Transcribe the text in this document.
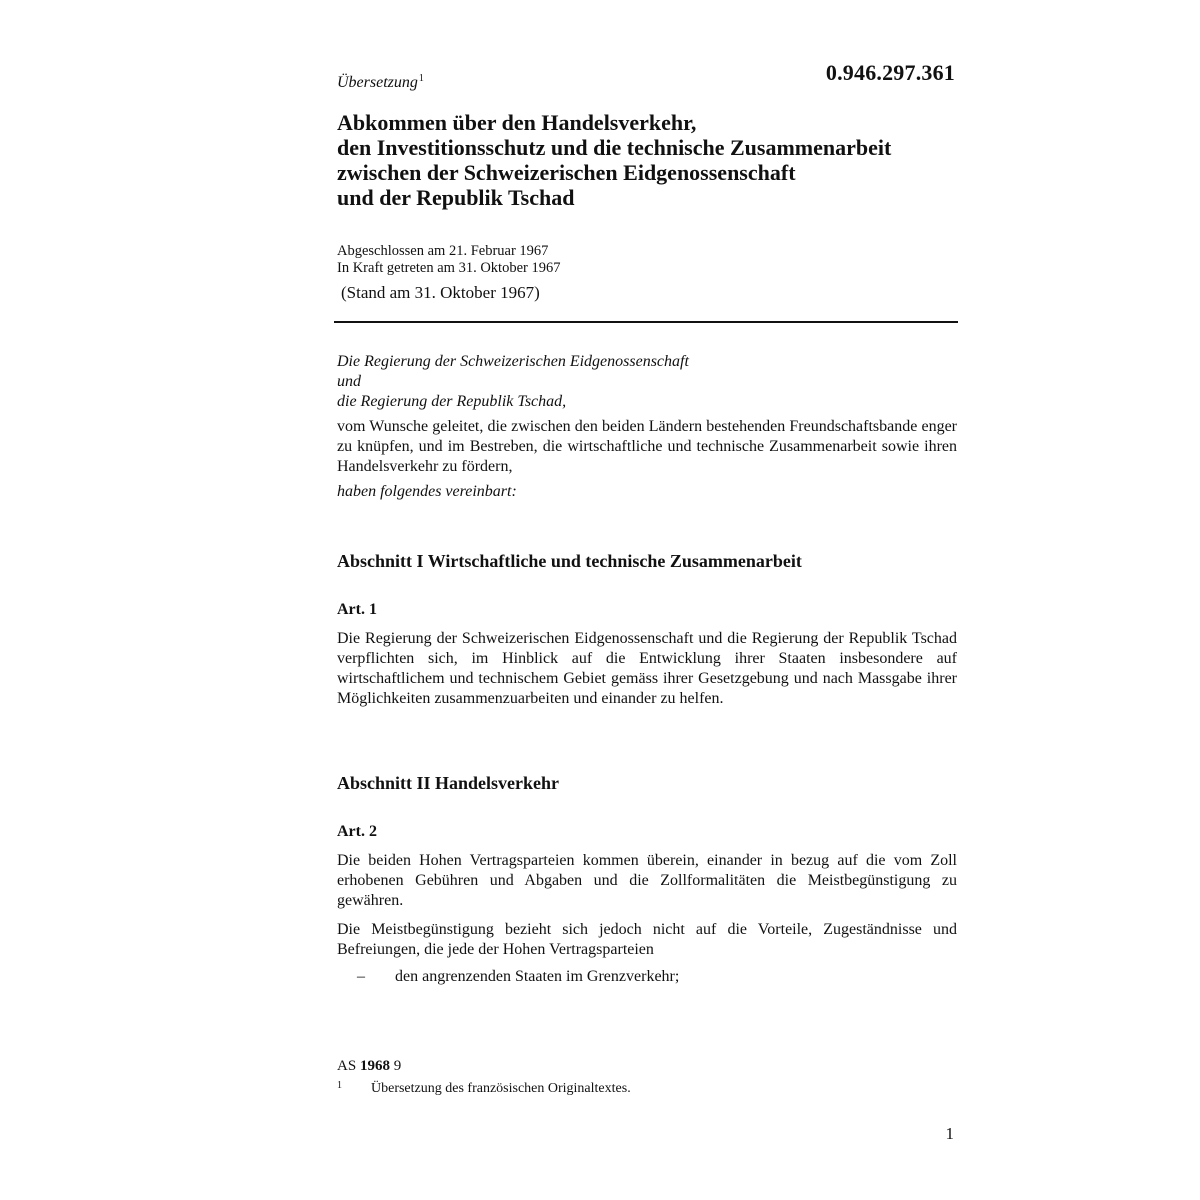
Übersetzung$^1$	0.946.297.361
Abkommen über den Handelsverkehr,
den Investitionsschutz und die technische Zusammenarbeit
zwischen der Schweizerischen Eidgenossenschaft
und der Republik Tschad
Abgeschlossen am 21. Februar 1967
In Kraft getreten am 31. Oktober 1967
(Stand am 31. Oktober 1967)
Die Regierung der Schweizerischen Eidgenossenschaft
und
die Regierung der Republik Tschad,
vom Wunsche geleitet, die zwischen den beiden Ländern bestehenden Freundschaftsbande enger zu knüpfen, und im Bestreben, die wirtschaftliche und technische Zusammenarbeit sowie ihren Handelsverkehr zu fördern,
haben folgendes vereinbart:
Abschnitt I Wirtschaftliche und technische Zusammenarbeit
Art. 1
Die Regierung der Schweizerischen Eidgenossenschaft und die Regierung der Republik Tschad verpflichten sich, im Hinblick auf die Entwicklung ihrer Staaten insbesondere auf wirtschaftlichem und technischem Gebiet gemäss ihrer Gesetzgebung und nach Massgabe ihrer Möglichkeiten zusammenzuarbeiten und einander zu helfen.
Abschnitt II Handelsverkehr
Art. 2
Die beiden Hohen Vertragsparteien kommen überein, einander in bezug auf die vom Zoll erhobenen Gebühren und Abgaben und die Zollformalitäten die Meistbegünstigung zu gewähren.
Die Meistbegünstigung bezieht sich jedoch nicht auf die Vorteile, Zugeständnisse und Befreiungen, die jede der Hohen Vertragsparteien
– den angrenzenden Staaten im Grenzverkehr;
AS 1968 9
1 Übersetzung des französischen Originaltextes.
1
